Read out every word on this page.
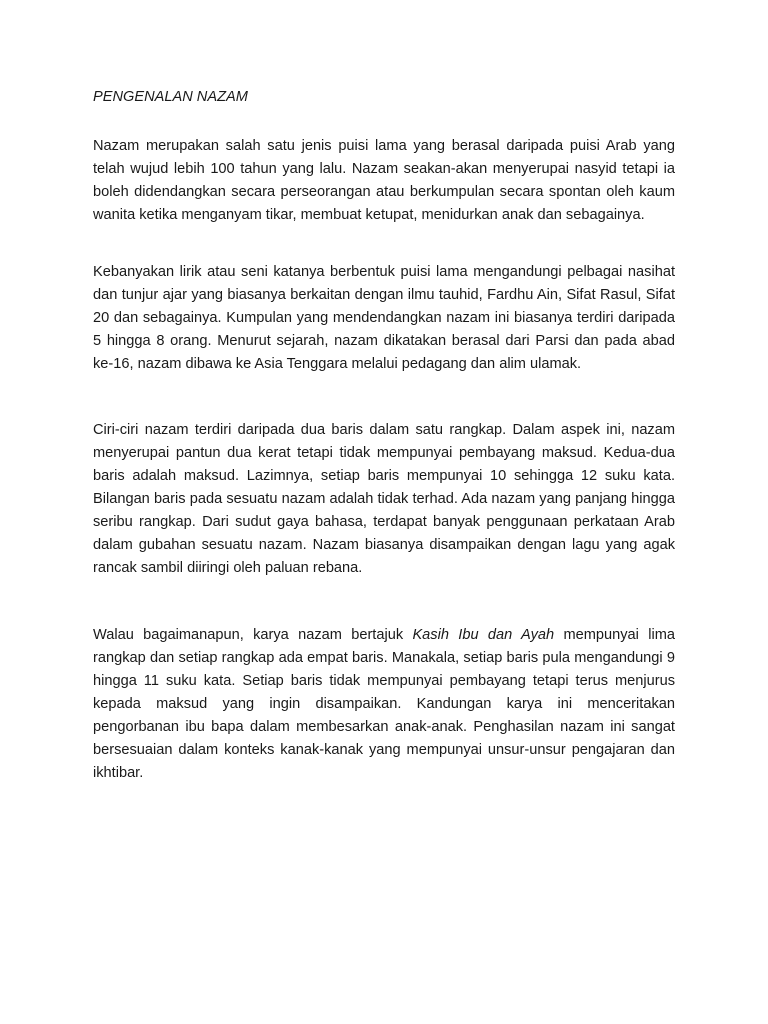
PENGENALAN NAZAM

Nazam merupakan salah satu jenis puisi lama yang berasal daripada puisi Arab yang telah wujud lebih 100 tahun yang lalu. Nazam seakan-akan menyerupai nasyid tetapi ia boleh didendangkan secara perseorangan atau berkumpulan secara spontan oleh kaum wanita ketika menganyam tikar, membuat ketupat, menidurkan anak dan sebagainya.

Kebanyakan lirik atau seni katanya berbentuk puisi lama mengandungi pelbagai nasihat dan tunjur ajar yang biasanya berkaitan dengan ilmu tauhid, Fardhu Ain, Sifat Rasul, Sifat 20 dan sebagainya. Kumpulan yang mendendangkan nazam ini biasanya terdiri daripada 5 hingga 8 orang. Menurut sejarah, nazam dikatakan berasal dari Parsi dan pada abad ke-16, nazam dibawa ke Asia Tenggara melalui pedagang dan alim ulamak.

Ciri-ciri nazam terdiri daripada dua baris dalam satu rangkap. Dalam aspek ini, nazam menyerupai pantun dua kerat tetapi tidak mempunyai pembayang maksud. Kedua-dua baris adalah maksud. Lazimnya, setiap baris mempunyai 10 sehingga 12 suku kata. Bilangan baris pada sesuatu nazam adalah tidak terhad. Ada nazam yang panjang hingga seribu rangkap. Dari sudut gaya bahasa, terdapat banyak penggunaan perkataan Arab dalam gubahan sesuatu nazam. Nazam biasanya disampaikan dengan lagu yang agak rancak sambil diiringi oleh paluan rebana.

Walau bagaimanapun, karya nazam bertajuk Kasih Ibu dan Ayah mempunyai lima rangkap dan setiap rangkap ada empat baris. Manakala, setiap baris pula mengandungi 9 hingga 11 suku kata. Setiap baris tidak mempunyai pembayang tetapi terus menjurus kepada maksud yang ingin disampaikan. Kandungan karya ini menceritakan pengorbanan ibu bapa dalam membesarkan anak-anak. Penghasilan nazam ini sangat bersesuaian dalam konteks kanak-kanak yang mempunyai unsur-unsur pengajaran dan ikhtibar.
